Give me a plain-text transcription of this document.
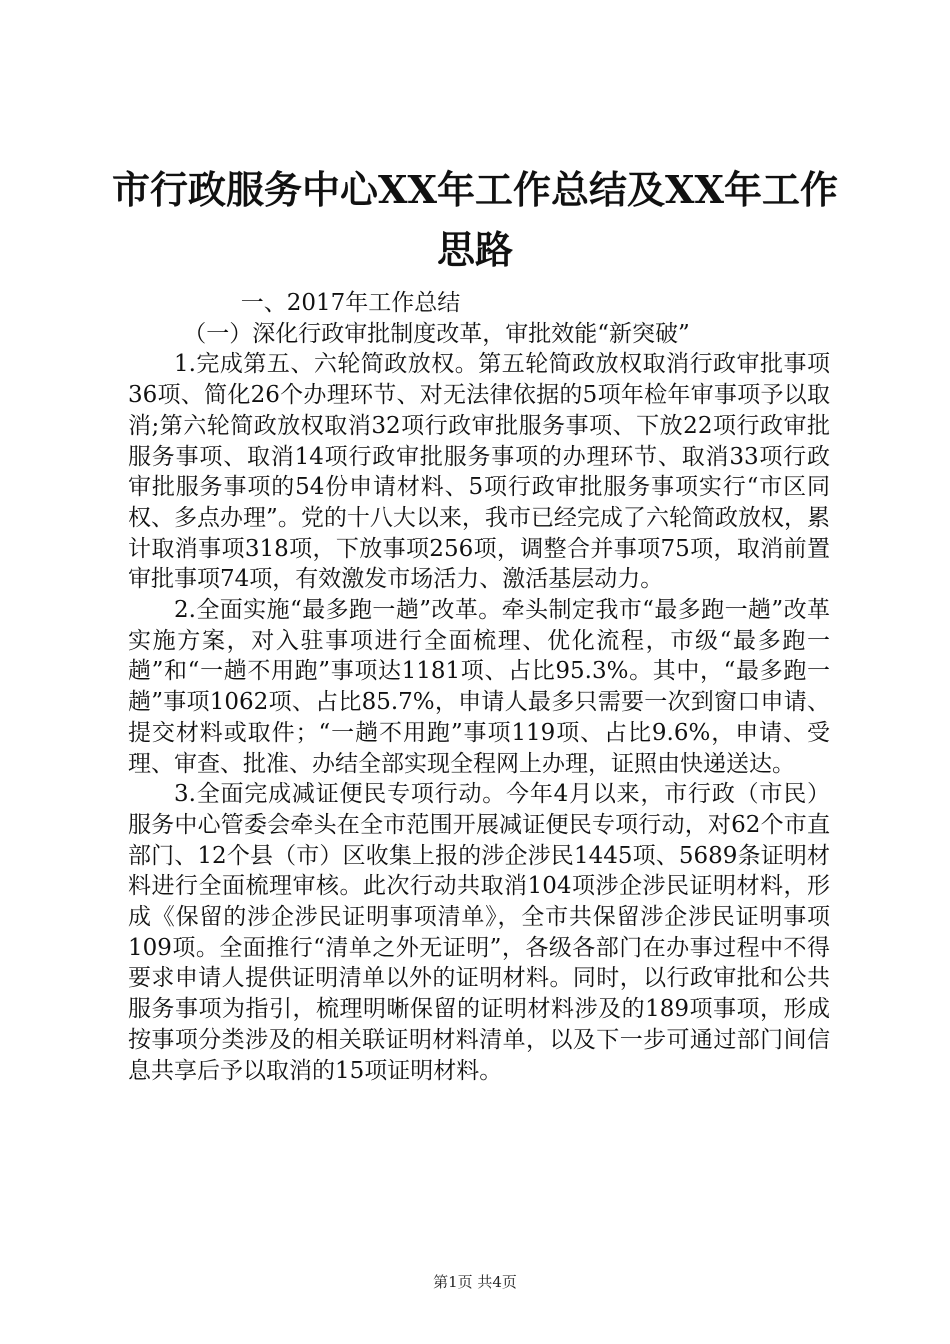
市行政服务中心XX年工作总结及XX年工作思路

一、2017年工作总结

（一）深化行政审批制度改革，审批效能“新突破”

1.完成第五、六轮简政放权。第五轮简政放权取消行政审批事项36项、简化26个办理环节、对无法律依据的5项年检年审事项予以取消;第六轮简政放权取消32项行政审批服务事项、下放22项行政审批服务事项、取消14项行政审批服务事项的办理环节、取消33项行政审批服务事项的54份申请材料、5项行政审批服务事项实行“市区同权、多点办理”。党的十八大以来，我市已经完成了六轮简政放权，累计取消事项318项，下放事项256项，调整合并事项75项，取消前置审批事项74项，有效激发市场活力、激活基层动力。

2.全面实施“最多跑一趟”改革。牵头制定我市“最多跑一趟”改革实施方案，对入驻事项进行全面梳理、优化流程，市级“最多跑一趟”和“一趟不用跑”事项达1181项、占比95.3%。其中，“最多跑一趟”事项1062项、占比85.7%，申请人最多只需要一次到窗口申请、提交材料或取件；“一趟不用跑”事项119项、占比9.6%，申请、受理、审查、批准、办结全部实现全程网上办理，证照由快递送达。

3.全面完成减证便民专项行动。今年4月以来，市行政（市民）服务中心管委会牵头在全市范围开展减证便民专项行动，对62个市直部门、12个县（市）区收集上报的涉企涉民1445项、5689条证明材料进行全面梳理审核。此次行动共取消104项涉企涉民证明材料，形成《保留的涉企涉民证明事项清单》，全市共保留涉企涉民证明事项109项。全面推行“清单之外无证明”，各级各部门在办事过程中不得要求申请人提供证明清单以外的证明材料。同时，以行政审批和公共服务事项为指引，梳理明晰保留的证明材料涉及的189项事项，形成按事项分类涉及的相关联证明材料清单，以及下一步可通过部门间信息共享后予以取消的15项证明材料。

第1页 共4页
